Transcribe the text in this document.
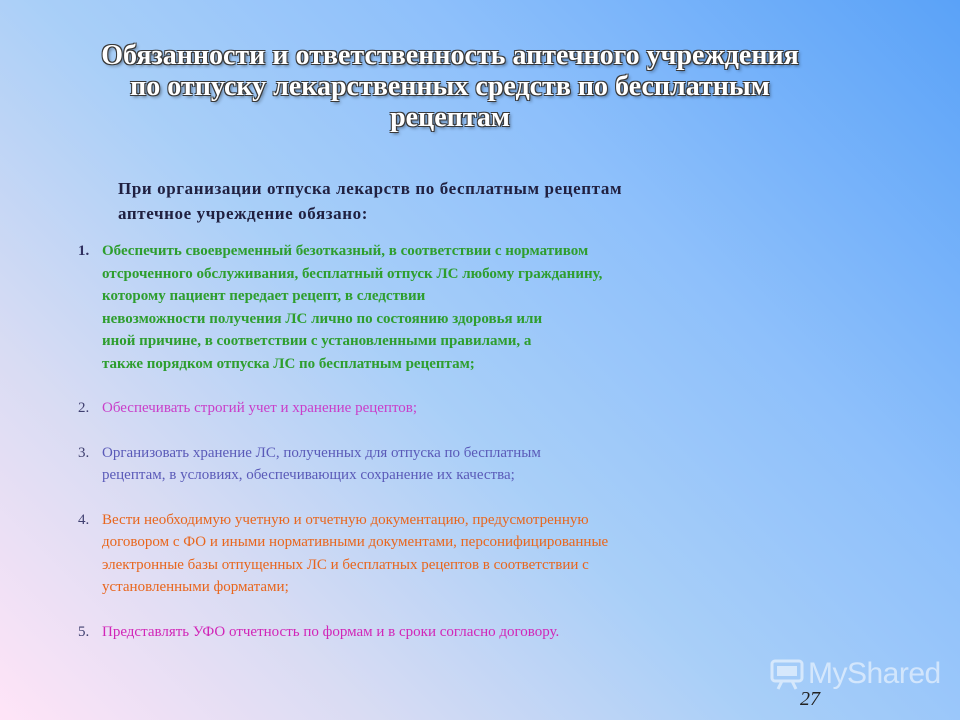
Обязанности и ответственность аптечного учреждения
по отпуску лекарственных средств по бесплатным
рецептам
При организации отпуска лекарств по бесплатным рецептам
аптечное учреждение обязано:
1. Обеспечить своевременный безотказный, в соответствии с нормативом
отсроченного обслуживания, бесплатный отпуск ЛС любому гражданину,
которому пациент передает рецепт, в следствии
невозможности получения ЛС лично по состоянию здоровья или
иной причине, в соответствии с установленными правилами, а
также порядком отпуска ЛС по бесплатным рецептам;
2. Обеспечивать строгий учет и хранение рецептов;
3. Организовать хранение ЛС, полученных для отпуска по бесплатным
рецептам, в условиях, обеспечивающих сохранение их качества;
4. Вести необходимую учетную и отчетную документацию, предусмотренную
договором с ФО и иными нормативными документами, персонифицированные
электронные базы отпущенных ЛС и бесплатных рецептов в соответствии с
установленными форматами;
5. Представлять УФО отчетность по формам и в сроки согласно договору.
MyShared
27
